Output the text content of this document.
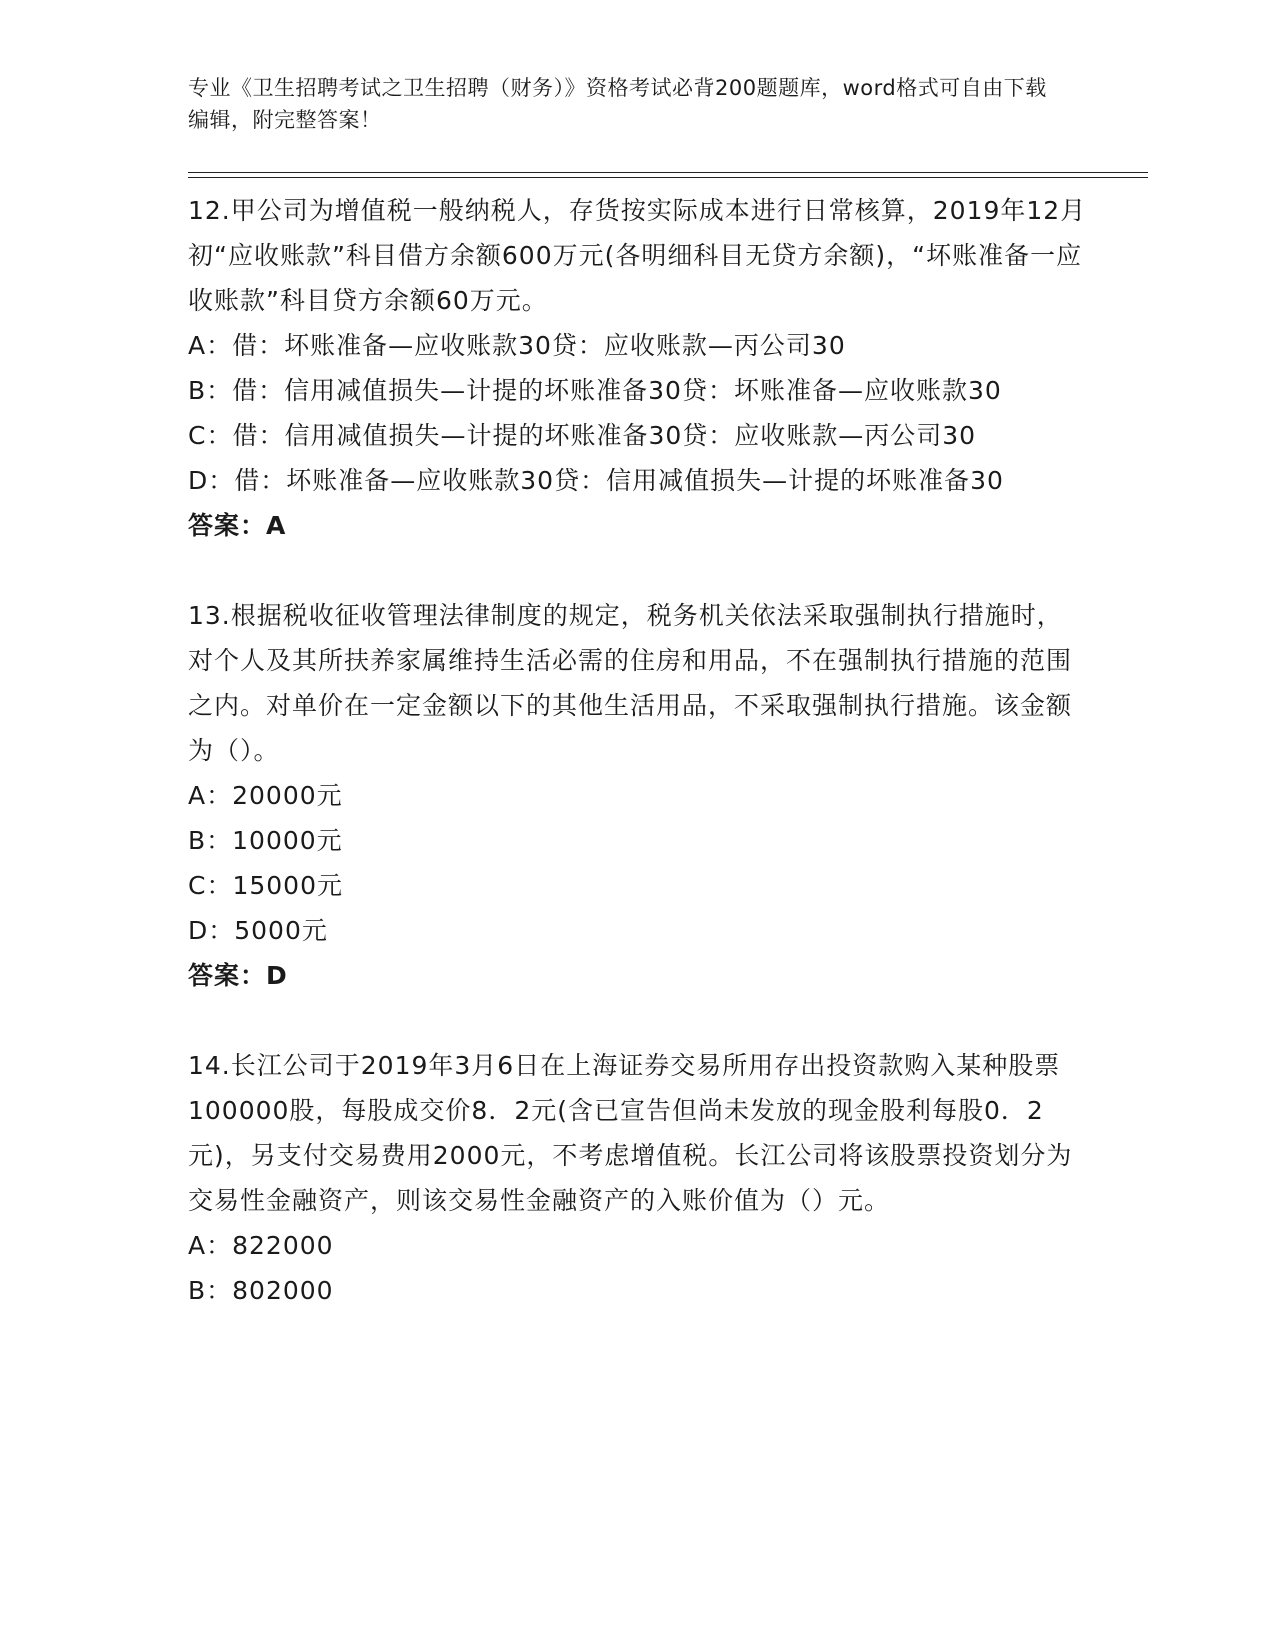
专业《卫生招聘考试之卫生招聘（财务）》资格考试必背200题题库，word格式可自由下载编辑，附完整答案！

12.甲公司为增值税一般纳税人，存货按实际成本进行日常核算，2019年12月初“应收账款”科目借方余额600万元(各明细科目无贷方余额)，“坏账准备一应收账款”科目贷方余额60万元。

A：借：坏账准备—应收账款30贷：应收账款—丙公司30

B：借：信用减值损失—计提的坏账准备30贷：坏账准备—应收账款30

C：借：信用减值损失—计提的坏账准备30贷：应收账款—丙公司30

D：借：坏账准备—应收账款30贷：信用减值损失—计提的坏账准备30

答案：A

13.根据税收征收管理法律制度的规定，税务机关依法采取强制执行措施时，对个人及其所扶养家属维持生活必需的住房和用品，不在强制执行措施的范围之内。对单价在一定金额以下的其他生活用品，不采取强制执行措施。该金额为（）。

A：20000元

B：10000元

C：15000元

D：5000元

答案：D

14.长江公司于2019年3月6日在上海证券交易所用存出投资款购入某种股票100000股，每股成交价8．2元(含已宣告但尚未发放的现金股利每股0．2元)，另支付交易费用2000元，不考虑增值税。长江公司将该股票投资划分为交易性金融资产，则该交易性金融资产的入账价值为（）元。

A：822000

B：802000
